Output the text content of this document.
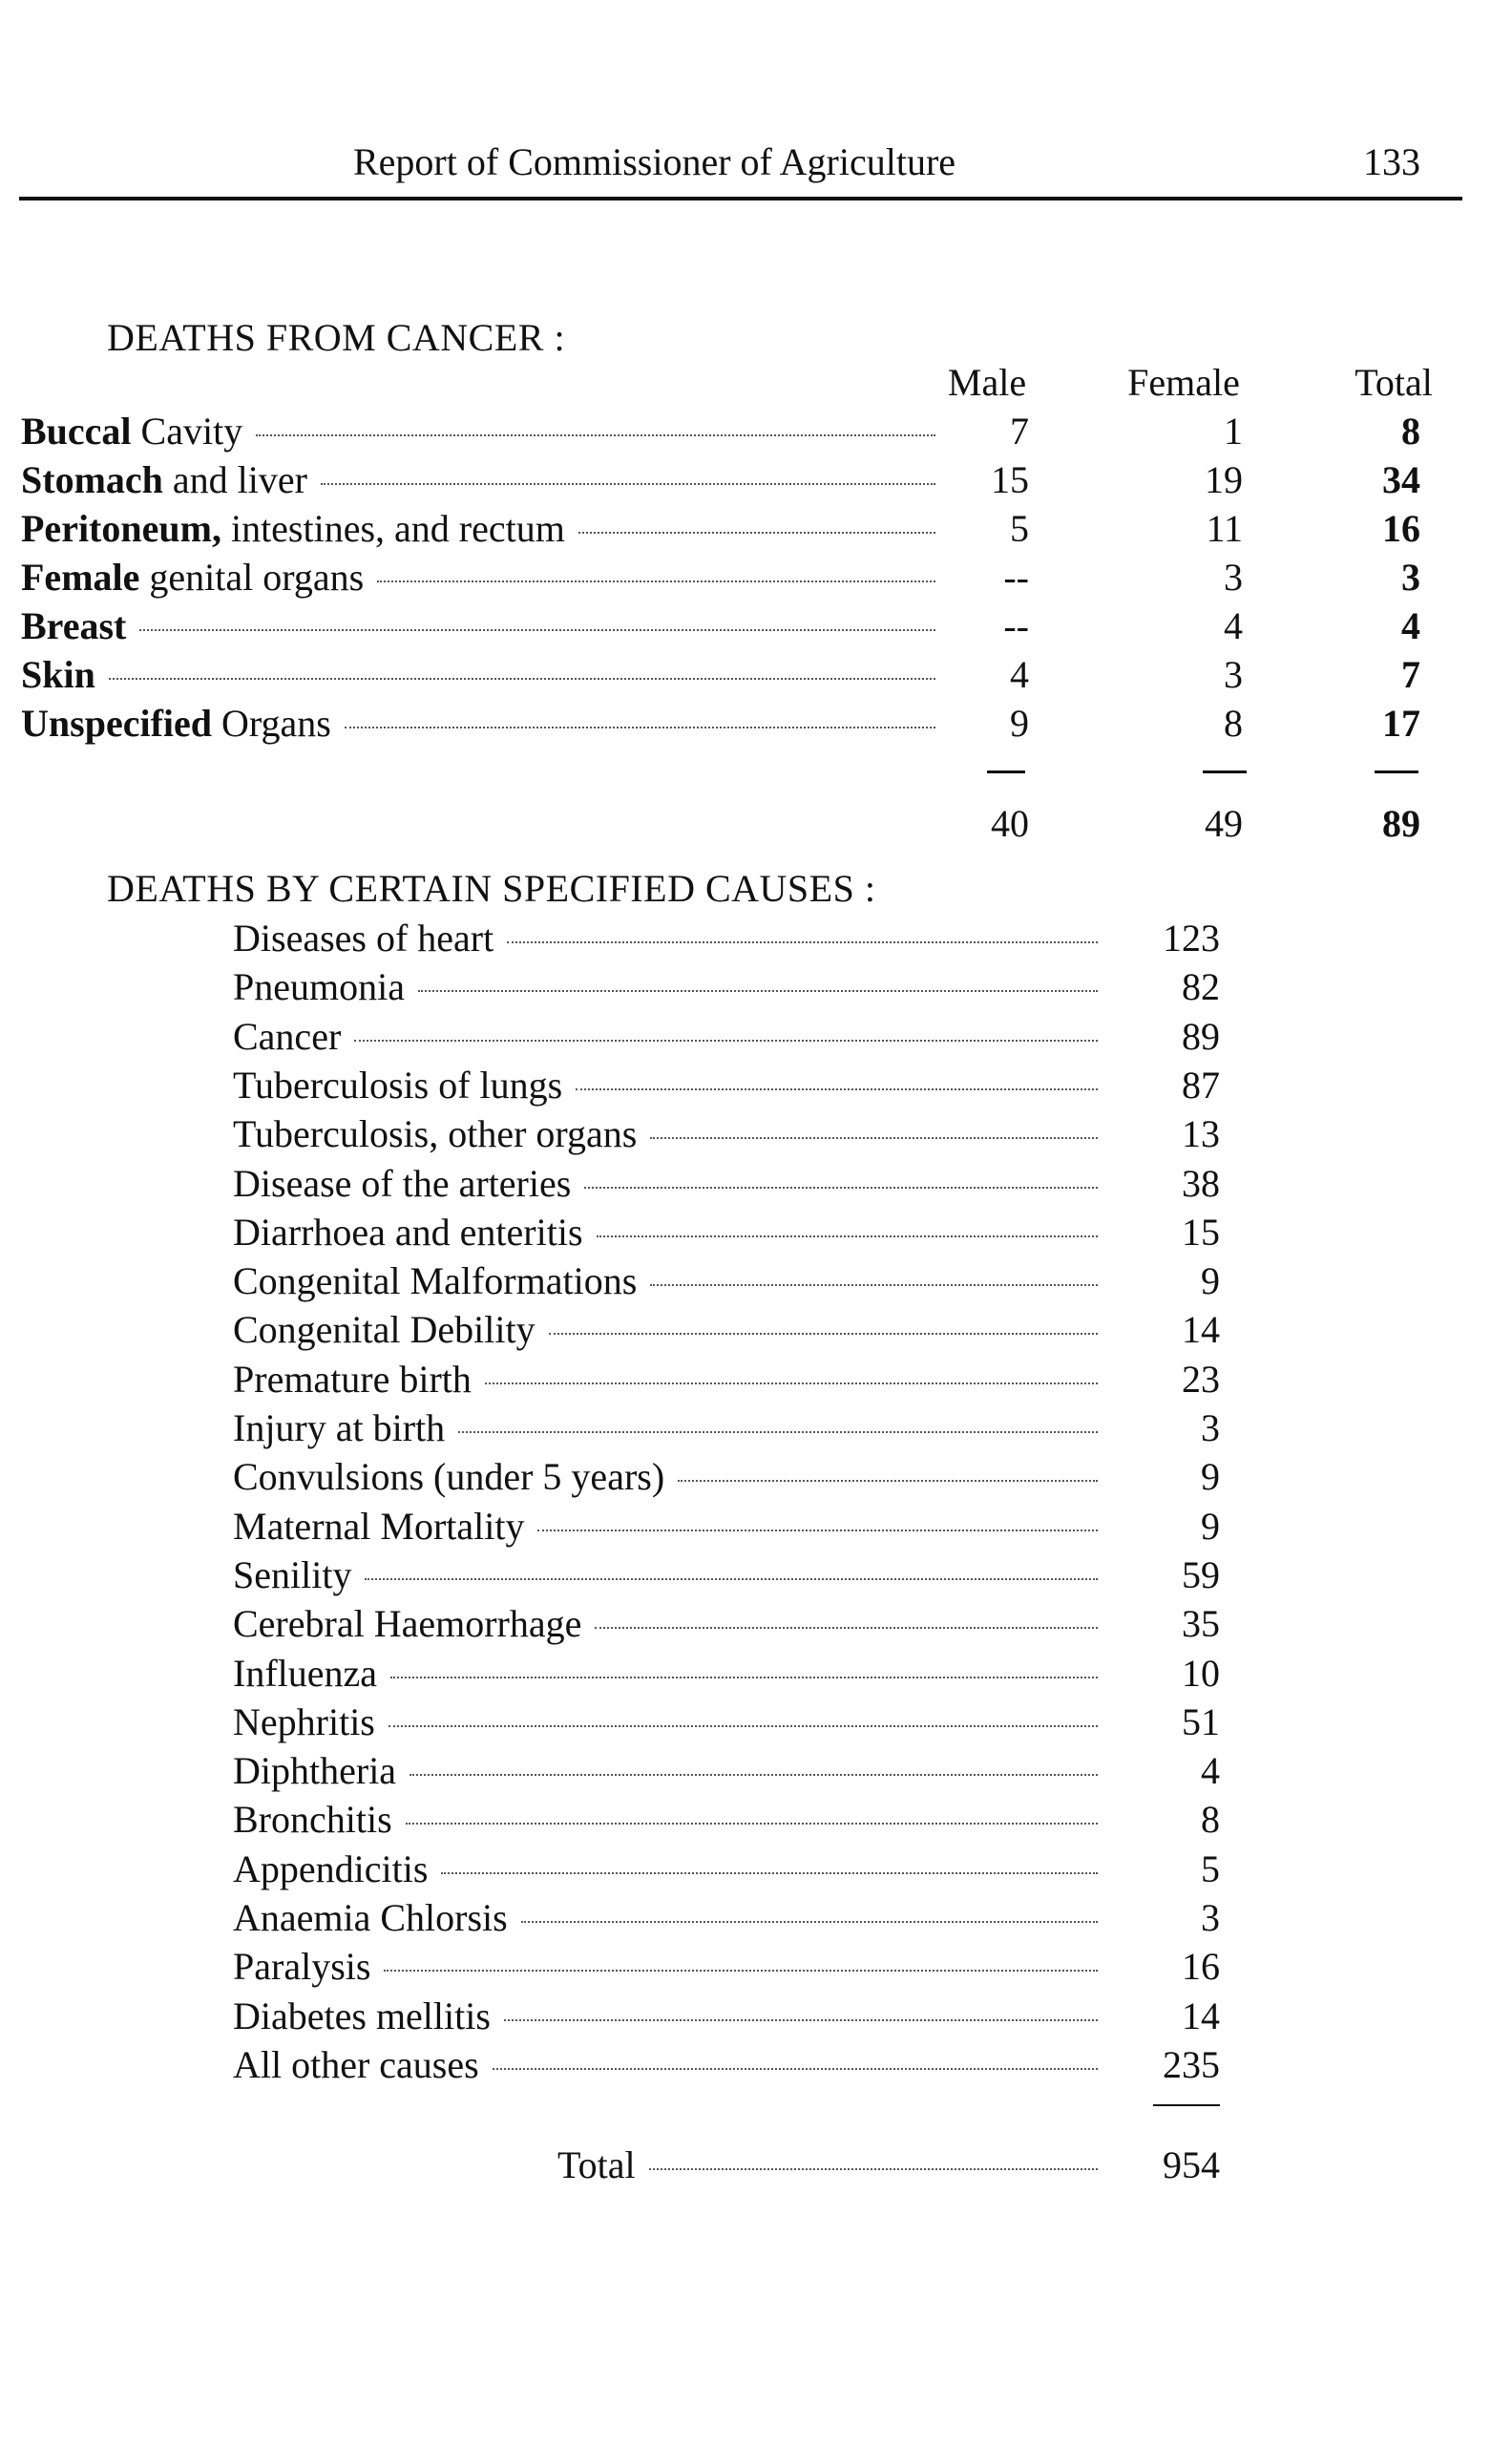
Report of Commissioner of Agriculture	133
DEATHS FROM CANCER :
Male	Female	Total
Buccal Cavity	7	1	8
Stomach and liver	15	19	34
Peritoneum, intestines, and rectum	5	11	16
Female genital organs	--	3	3
Breast	--	4	4
Skin	4	3	7
Unspecified Organs	9	8	17
40	49	89
Diseases of heart	123
Pneumonia	82
Cancer	89
Tuberculosis of lungs	87
Tuberculosis, other organs	13
Disease of the arteries	38
Diarrhoea and enteritis	15
Congenital Malformations	9
Congenital Debility	14
Premature birth	23
Injury at birth	3
Convulsions (under 5 years)	9
Maternal Mortality	9
Senility	59
Cerebral Haemorrhage	35
Influenza	10
Nephritis	51
Diphtheria	4
Bronchitis	8
Appendicitis	5
Anaemia Chlorsis	3
Paralysis	16
Diabetes mellitis	14
All other causes	235
Total	954
DEATHS BY CERTAIN SPECIFIED CAUSES :
